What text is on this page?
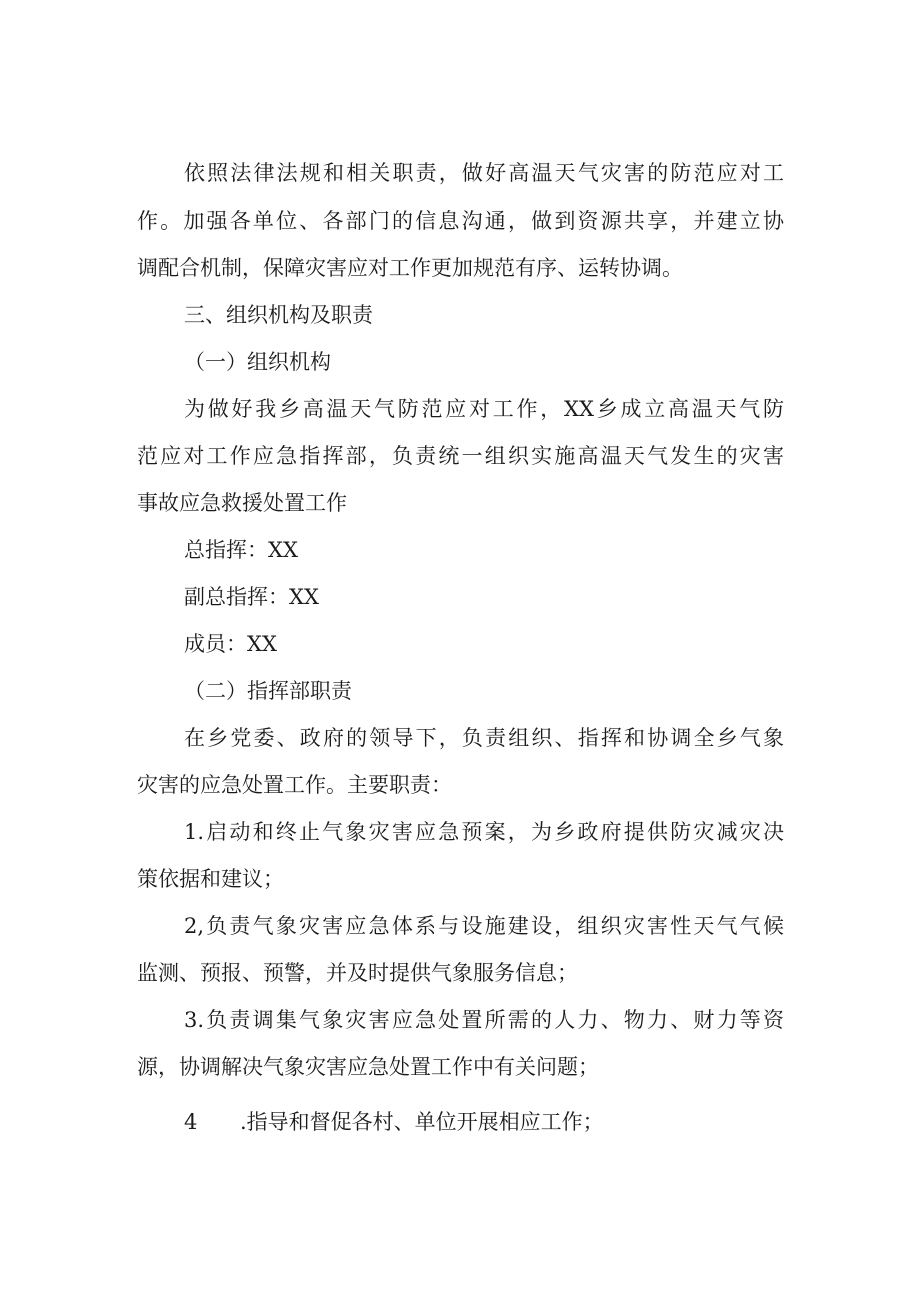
依照法律法规和相关职责，做好高温天气灾害的防范应对工
作。加强各单位、各部门的信息沟通，做到资源共享，并建立协
调配合机制，保障灾害应对工作更加规范有序、运转协调。
三、组织机构及职责
（一）组织机构
为做好我乡高温天气防范应对工作，XX乡成立高温天气防
范应对工作应急指挥部，负责统一组织实施高温天气发生的灾害
事故应急救援处置工作
总指挥：XX
副总指挥：XX
成员：XX
（二）指挥部职责
在乡党委、政府的领导下，负责组织、指挥和协调全乡气象
灾害的应急处置工作。主要职责：
1.启动和终止气象灾害应急预案，为乡政府提供防灾减灾决
策依据和建议；
2,负责气象灾害应急体系与设施建设，组织灾害性天气气候
监测、预报、预警，并及时提供气象服务信息；
3.负责调集气象灾害应急处置所需的人力、物力、财力等资
源，协调解决气象灾害应急处置工作中有关问题；
4 .指导和督促各村、单位开展相应工作；
